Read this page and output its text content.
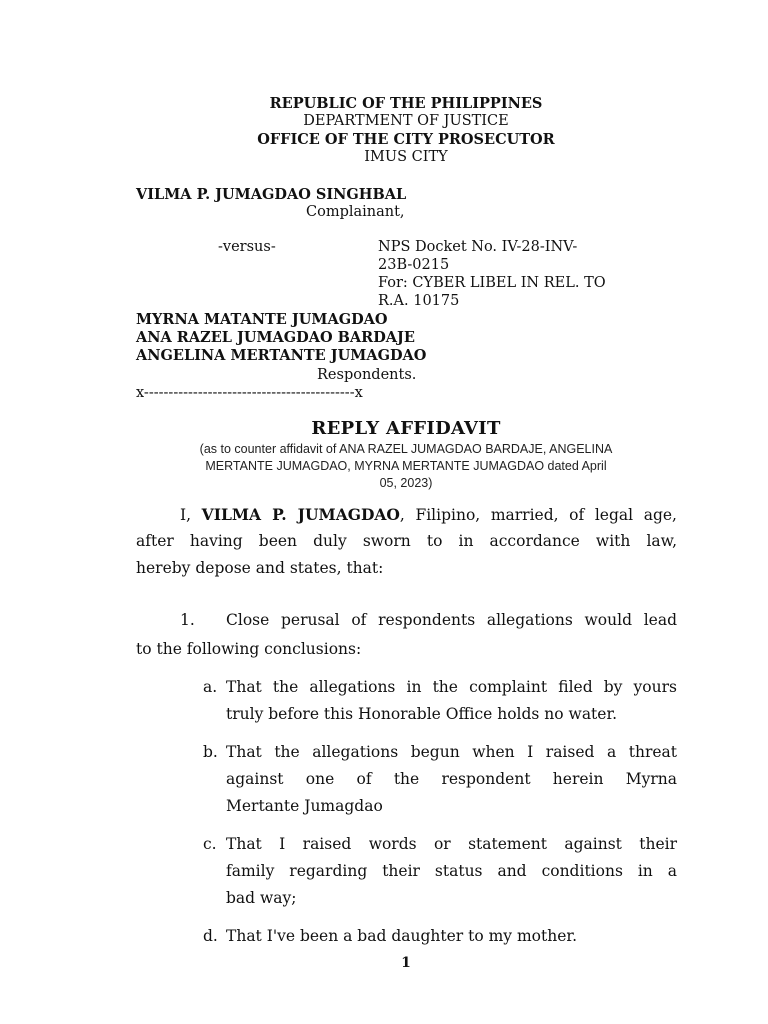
REPUBLIC OF THE PHILIPPINES
DEPARTMENT OF JUSTICE
OFFICE OF THE CITY PROSECUTOR
IMUS CITY
VILMA P. JUMAGDAO SINGHBAL
Complainant,
-versus-	NPS Docket No. IV-28-INV-
23B-0215
For: CYBER LIBEL IN REL. TO
R.A. 10175
MYRNA MATANTE JUMAGDAO
ANA RAZEL JUMAGDAO BARDAJE
ANGELINA MERTANTE JUMAGDAO
Respondents.
x-------------------------------------------x
REPLY AFFIDAVIT
(as to counter affidavit of ANA RAZEL JUMAGDAO BARDAJE, ANGELINA
MERTANTE JUMAGDAO, MYRNA MERTANTE JUMAGDAO dated April
05, 2023)
I, VILMA P. JUMAGDAO, Filipino, married, of legal age,
after having been duly sworn to in accordance with law,
hereby depose and states, that:
1. Close perusal of respondents allegations would lead
to the following conclusions:
a. That the allegations in the complaint filed by yours
truly before this Honorable Office holds no water.
b. That the allegations begun when I raised a threat
against one of the respondent herein Myrna
Mertante Jumagdao
c. That I raised words or statement against their
family regarding their status and conditions in a
bad way;
d. That I've been a bad daughter to my mother.
1
